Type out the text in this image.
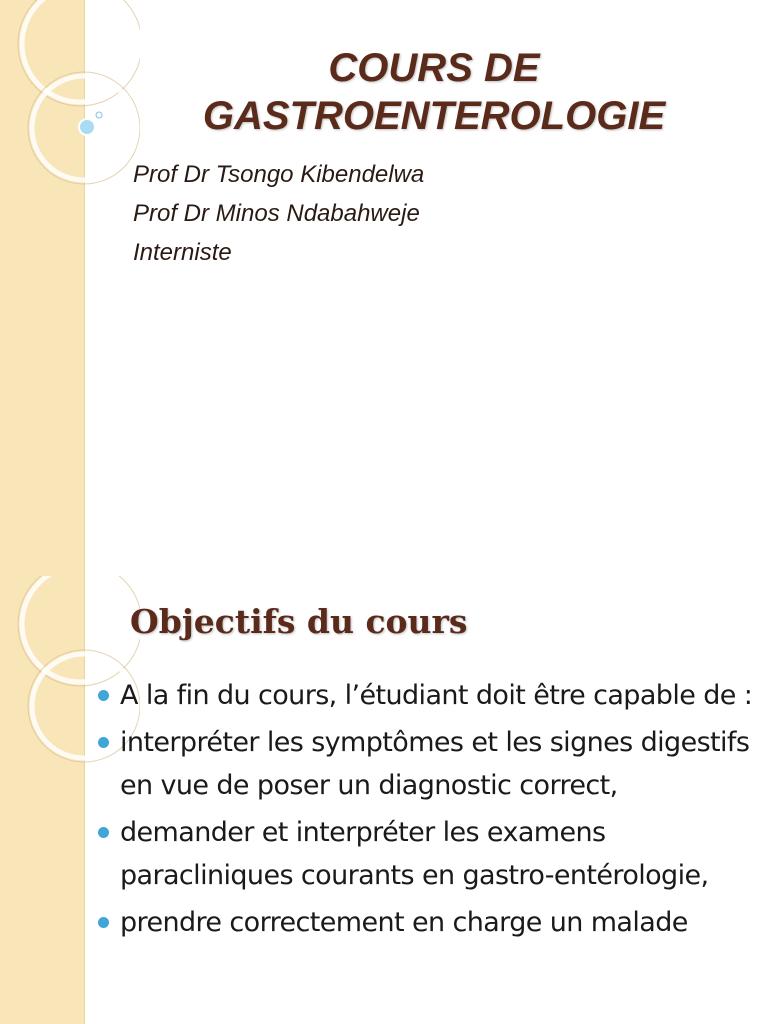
COURS DE
GASTROENTEROLOGIE
Prof Dr Tsongo Kibendelwa
Prof Dr Minos Ndabahweje
Interniste
Objectifs du cours
A la fin du cours, l’étudiant doit être capable de :
interpréter les symptômes et les signes digestifs en vue de poser un diagnostic correct,
demander et interpréter les examens paracliniques courants en gastro-entérologie,
prendre correctement en charge un malade
